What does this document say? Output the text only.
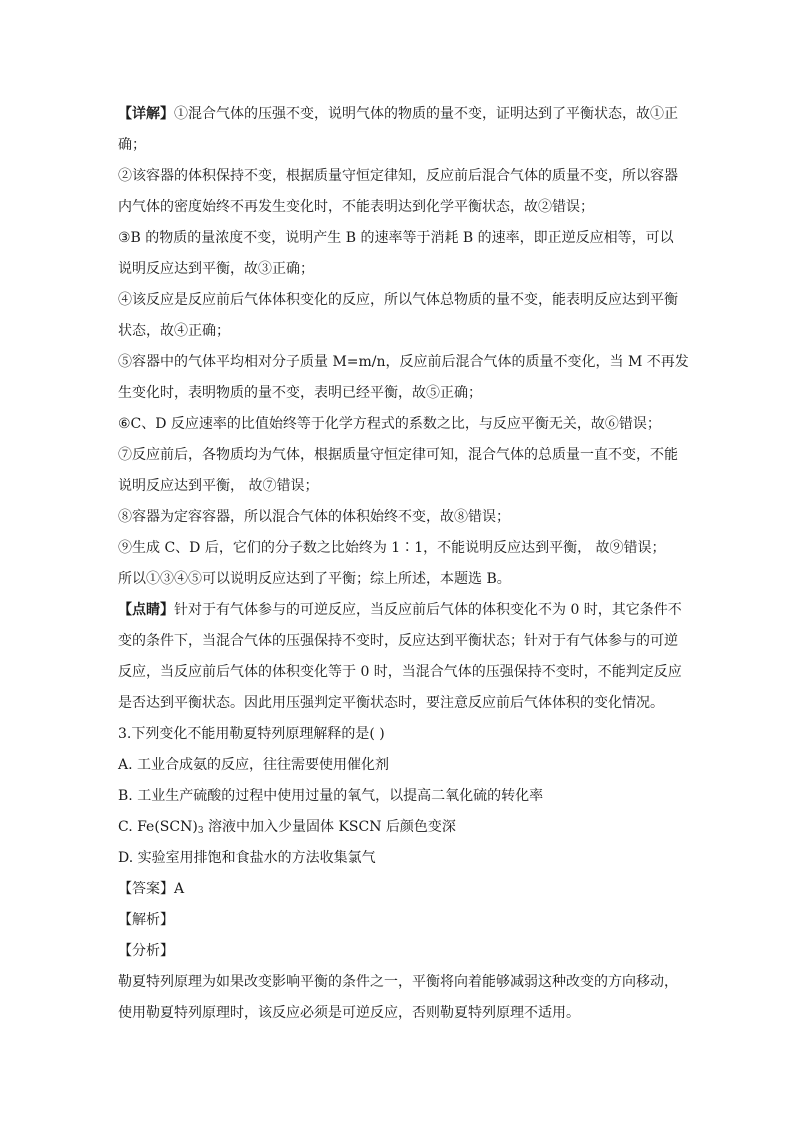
【详解】①混合气体的压强不变，说明气体的物质的量不变，证明达到了平衡状态，故①正
确；
②该容器的体积保持不变，根据质量守恒定律知，反应前后混合气体的质量不变，所以容器
内气体的密度始终不再发生变化时，不能表明达到化学平衡状态，故②错误；
③B 的物质的量浓度不变，说明产生 B 的速率等于消耗 B 的速率，即正逆反应相等，可以
说明反应达到平衡，故③正确；
④该反应是反应前后气体体积变化的反应，所以气体总物质的量不变，能表明反应达到平衡
状态，故④正确；
⑤容器中的气体平均相对分子质量 M=m/n，反应前后混合气体的质量不变化，当 M 不再发
生变化时，表明物质的量不变，表明已经平衡，故⑤正确；
⑥C、D 反应速率的比值始终等于化学方程式的系数之比，与反应平衡无关，故⑥错误；
⑦反应前后，各物质均为气体，根据质量守恒定律可知，混合气体的总质量一直不变，不能
说明反应达到平衡， 故⑦错误；
⑧容器为定容容器，所以混合气体的体积始终不变，故⑧错误；
⑨生成 C、D 后，它们的分子数之比始终为 1∶1，不能说明反应达到平衡， 故⑨错误；
所以①③④⑤可以说明反应达到了平衡；综上所述，本题选 B。
【点睛】针对于有气体参与的可逆反应，当反应前后气体的体积变化不为 0 时，其它条件不
变的条件下，当混合气体的压强保持不变时，反应达到平衡状态；针对于有气体参与的可逆
反应，当反应前后气体的体积变化等于 0 时，当混合气体的压强保持不变时，不能判定反应
是否达到平衡状态。因此用压强判定平衡状态时，要注意反应前后气体体积的变化情况。
3.下列变化不能用勒夏特列原理解释的是( )
A. 工业合成氨的反应，往往需要使用催化剂
B. 工业生产硫酸的过程中使用过量的氧气，以提高二氧化硫的转化率
C. $Fe(SCN)_3$ 溶液中加入少量固体 KSCN 后颜色变深
D. 实验室用排饱和食盐水的方法收集氯气
【答案】A
【解析】
【分析】
勒夏特列原理为如果改变影响平衡的条件之一，平衡将向着能够减弱这种改变的方向移动，
使用勒夏特列原理时，该反应必须是可逆反应，否则勒夏特列原理不适用。
